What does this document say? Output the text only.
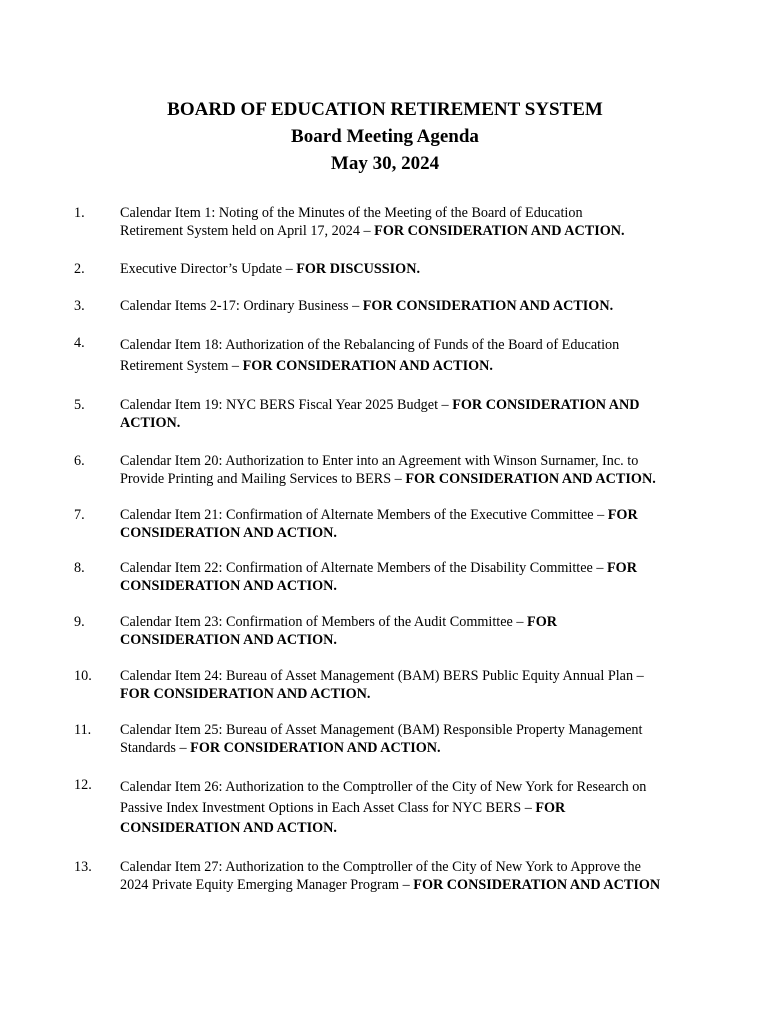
BOARD OF EDUCATION RETIREMENT SYSTEM
Board Meeting Agenda
May 30, 2024
1. Calendar Item 1: Noting of the Minutes of the Meeting of the Board of Education
Retirement System held on April 17, 2024 – FOR CONSIDERATION AND ACTION.
2. Executive Director’s Update – FOR DISCUSSION.
3. Calendar Items 2-17: Ordinary Business – FOR CONSIDERATION AND ACTION.
4. Calendar Item 18: Authorization of the Rebalancing of Funds of the Board of Education
Retirement System – FOR CONSIDERATION AND ACTION.
5. Calendar Item 19: NYC BERS Fiscal Year 2025 Budget – FOR CONSIDERATION AND
ACTION.
6. Calendar Item 20: Authorization to Enter into an Agreement with Winson Surnamer, Inc. to
Provide Printing and Mailing Services to BERS – FOR CONSIDERATION AND ACTION.
7. Calendar Item 21: Confirmation of Alternate Members of the Executive Committee – FOR
CONSIDERATION AND ACTION.
8. Calendar Item 22: Confirmation of Alternate Members of the Disability Committee – FOR
CONSIDERATION AND ACTION.
9. Calendar Item 23: Confirmation of Members of the Audit Committee – FOR
CONSIDERATION AND ACTION.
10. Calendar Item 24: Bureau of Asset Management (BAM) BERS Public Equity Annual Plan –
FOR CONSIDERATION AND ACTION.
11. Calendar Item 25: Bureau of Asset Management (BAM) Responsible Property Management
Standards – FOR CONSIDERATION AND ACTION.
12. Calendar Item 26: Authorization to the Comptroller of the City of New York for Research on
Passive Index Investment Options in Each Asset Class for NYC BERS – FOR
CONSIDERATION AND ACTION.
13. Calendar Item 27: Authorization to the Comptroller of the City of New York to Approve the
2024 Private Equity Emerging Manager Program – FOR CONSIDERATION AND ACTION
